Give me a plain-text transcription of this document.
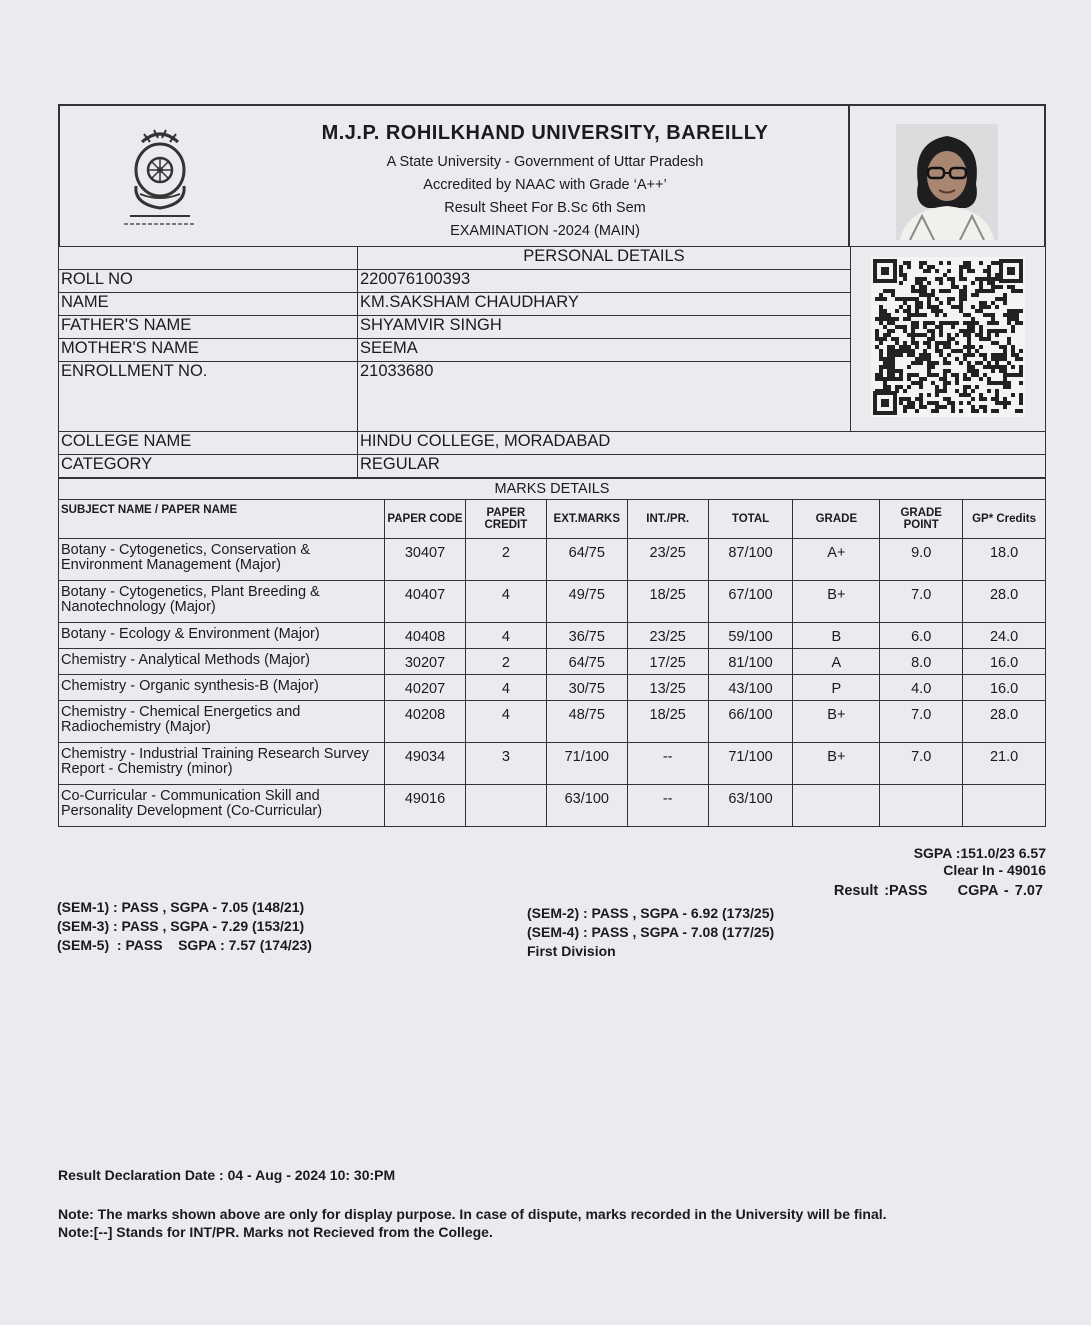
M.J.P. ROHILKHAND UNIVERSITY, BAREILLY
A State University - Government of Uttar Pradesh
Accredited by NAAC with Grade ‘A++’
Result Sheet For B.Sc 6th Sem
EXAMINATION -2024 (MAIN)
	PERSONAL DETAILS	
ROLL NO	220076100393	
NAME	KM.SAKSHAM CHAUDHARY	
FATHER'S NAME	SHYAMVIR SINGH	
MOTHER'S NAME	SEEMA	
ENROLLMENT NO.	21033680	
COLLEGE NAME	HINDU COLLEGE, MORADABAD	
CATEGORY	REGULAR	
MARKS DETAILS								
SUBJECT NAME / PAPER NAME	PAPER CODE	PAPER CREDIT	EXT.MARKS	INT./PR.	TOTAL	GRADE	GRADE POINT	GP* Credits
Botany - Cytogenetics, Conservation & Environment Management (Major)	30407	2	64/75	23/25	87/100	A+	9.0	18.0
Botany - Cytogenetics, Plant Breeding & Nanotechnology (Major)	40407	4	49/75	18/25	67/100	B+	7.0	28.0
Botany - Ecology & Environment (Major)	40408	4	36/75	23/25	59/100	B	6.0	24.0
Chemistry - Analytical Methods (Major)	30207	2	64/75	17/25	81/100	A	8.0	16.0
Chemistry - Organic synthesis-B (Major)	40207	4	30/75	13/25	43/100	P	4.0	16.0
Chemistry - Chemical Energetics and Radiochemistry (Major)	40208	4	48/75	18/25	66/100	B+	7.0	28.0
Chemistry - Industrial Training Research Survey Report - Chemistry (minor)	49034	3	71/100	--	71/100	B+	7.0	21.0
Co-Curricular - Communication Skill and Personality Development (Co-Curricular)	49016		63/100	--	63/100			
SGPA :151.0/23 6.57
Clear In - 49016
Result :PASS CGPA - 7.07
(SEM-1) : PASS , SGPA - 7.05 (148/21)
(SEM-3) : PASS , SGPA - 7.29 (153/21)
(SEM-5)  : PASS    SGPA : 7.57 (174/23)
(SEM-2) : PASS , SGPA - 6.92 (173/25)
(SEM-4) : PASS , SGPA - 7.08 (177/25)
First Division
Result Declaration Date : 04 - Aug - 2024 10: 30:PM
Note: The marks shown above are only for display purpose. In case of dispute, marks recorded in the University will be final.
Note:[--] Stands for INT/PR. Marks not Recieved from the College.
